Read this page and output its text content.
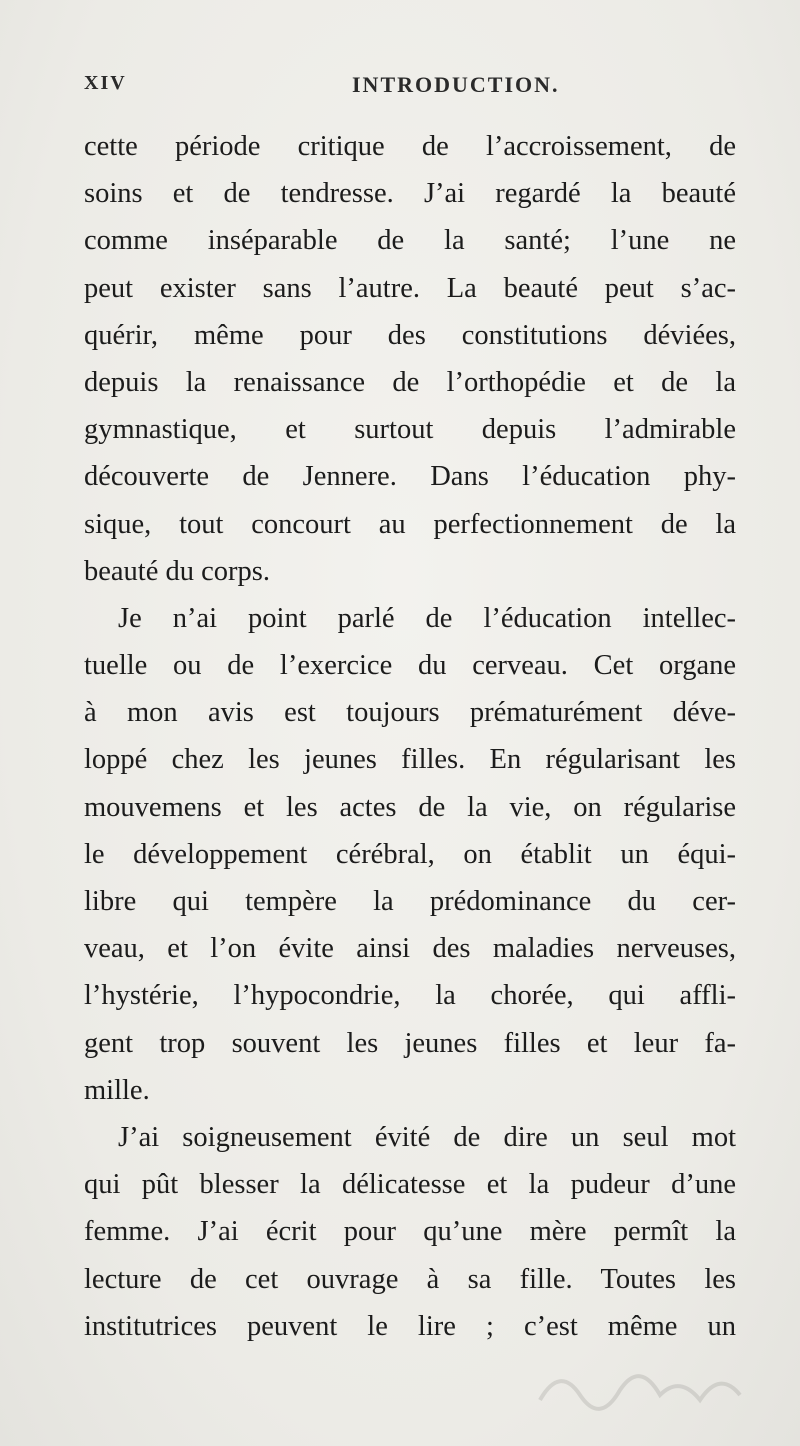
XIV	INTRODUCTION.
cette période critique de l’accroissement, de
soins et de tendresse. J’ai regardé la beauté
comme inséparable de la santé; l’une ne
peut exister sans l’autre. La beauté peut s’ac-
quérir, même pour des constitutions déviées,
depuis la renaissance de l’orthopédie et de la
gymnastique, et surtout depuis l’admirable
découverte de Jennere. Dans l’éducation phy-
sique, tout concourt au perfectionnement de la
beauté du corps.
Je n’ai point parlé de l’éducation intellec-
tuelle ou de l’exercice du cerveau. Cet organe
à mon avis est toujours prématurément déve-
loppé chez les jeunes filles. En régularisant les
mouvemens et les actes de la vie, on régularise
le développement cérébral, on établit un équi-
libre qui tempère la prédominance du cer-
veau, et l’on évite ainsi des maladies nerveuses,
l’hystérie, l’hypocondrie, la chorée, qui affli-
gent trop souvent les jeunes filles et leur fa-
mille.
J’ai soigneusement évité de dire un seul mot
qui pût blesser la délicatesse et la pudeur d’une
femme. J’ai écrit pour qu’une mère permît la
lecture de cet ouvrage à sa fille. Toutes les
institutrices peuvent le lire ; c’est même un
